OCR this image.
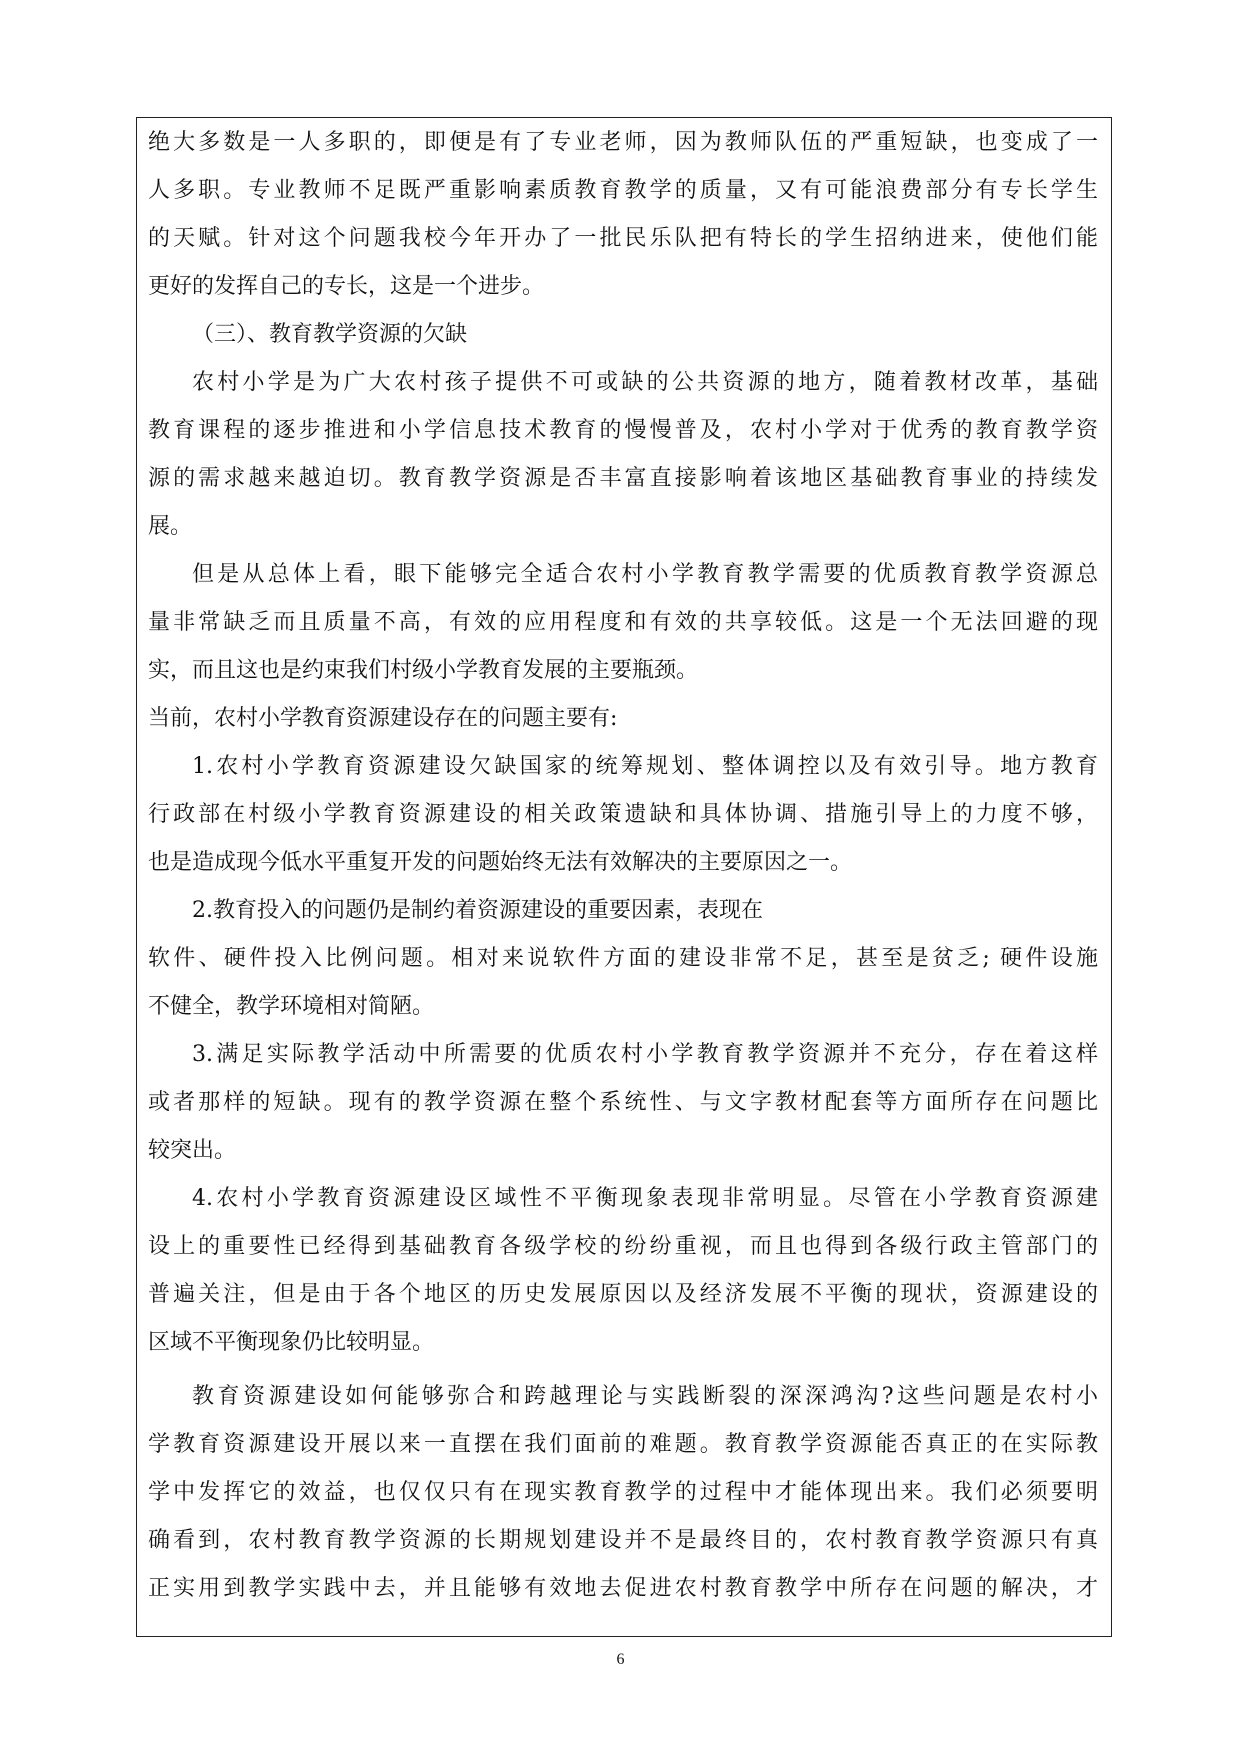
绝大多数是一人多职的，即便是有了专业老师，因为教师队伍的严重短缺，也变成了一
人多职。专业教师不足既严重影响素质教育教学的质量，又有可能浪费部分有专长学生
的天赋。针对这个问题我校今年开办了一批民乐队把有特长的学生招纳进来，使他们能
更好的发挥自己的专长，这是一个进步。
（三）、教育教学资源的欠缺
农村小学是为广大农村孩子提供不可或缺的公共资源的地方，随着教材改革，基础
教育课程的逐步推进和小学信息技术教育的慢慢普及，农村小学对于优秀的教育教学资
源的需求越来越迫切。教育教学资源是否丰富直接影响着该地区基础教育事业的持续发
展。
但是从总体上看，眼下能够完全适合农村小学教育教学需要的优质教育教学资源总
量非常缺乏而且质量不高，有效的应用程度和有效的共享较低。这是一个无法回避的现
实，而且这也是约束我们村级小学教育发展的主要瓶颈。
当前，农村小学教育资源建设存在的问题主要有:
1.农村小学教育资源建设欠缺国家的统筹规划、整体调控以及有效引导。地方教育
行政部在村级小学教育资源建设的相关政策遗缺和具体协调、措施引导上的力度不够，
也是造成现今低水平重复开发的问题始终无法有效解决的主要原因之一。
2.教育投入的问题仍是制约着资源建设的重要因素，表现在
软件、硬件投入比例问题。相对来说软件方面的建设非常不足，甚至是贫乏; 硬件设施
不健全，教学环境相对简陋。
3.满足实际教学活动中所需要的优质农村小学教育教学资源并不充分，存在着这样
或者那样的短缺。现有的教学资源在整个系统性、与文字教材配套等方面所存在问题比
较突出。
4.农村小学教育资源建设区域性不平衡现象表现非常明显。尽管在小学教育资源建
设上的重要性已经得到基础教育各级学校的纷纷重视，而且也得到各级行政主管部门的
普遍关注，但是由于各个地区的历史发展原因以及经济发展不平衡的现状，资源建设的
区域不平衡现象仍比较明显。
教育资源建设如何能够弥合和跨越理论与实践断裂的深深鸿沟?这些问题是农村小
学教育资源建设开展以来一直摆在我们面前的难题。教育教学资源能否真正的在实际教
学中发挥它的效益，也仅仅只有在现实教育教学的过程中才能体现出来。我们必须要明
确看到，农村教育教学资源的长期规划建设并不是最终目的，农村教育教学资源只有真
正实用到教学实践中去，并且能够有效地去促进农村教育教学中所存在问题的解决，才
6
